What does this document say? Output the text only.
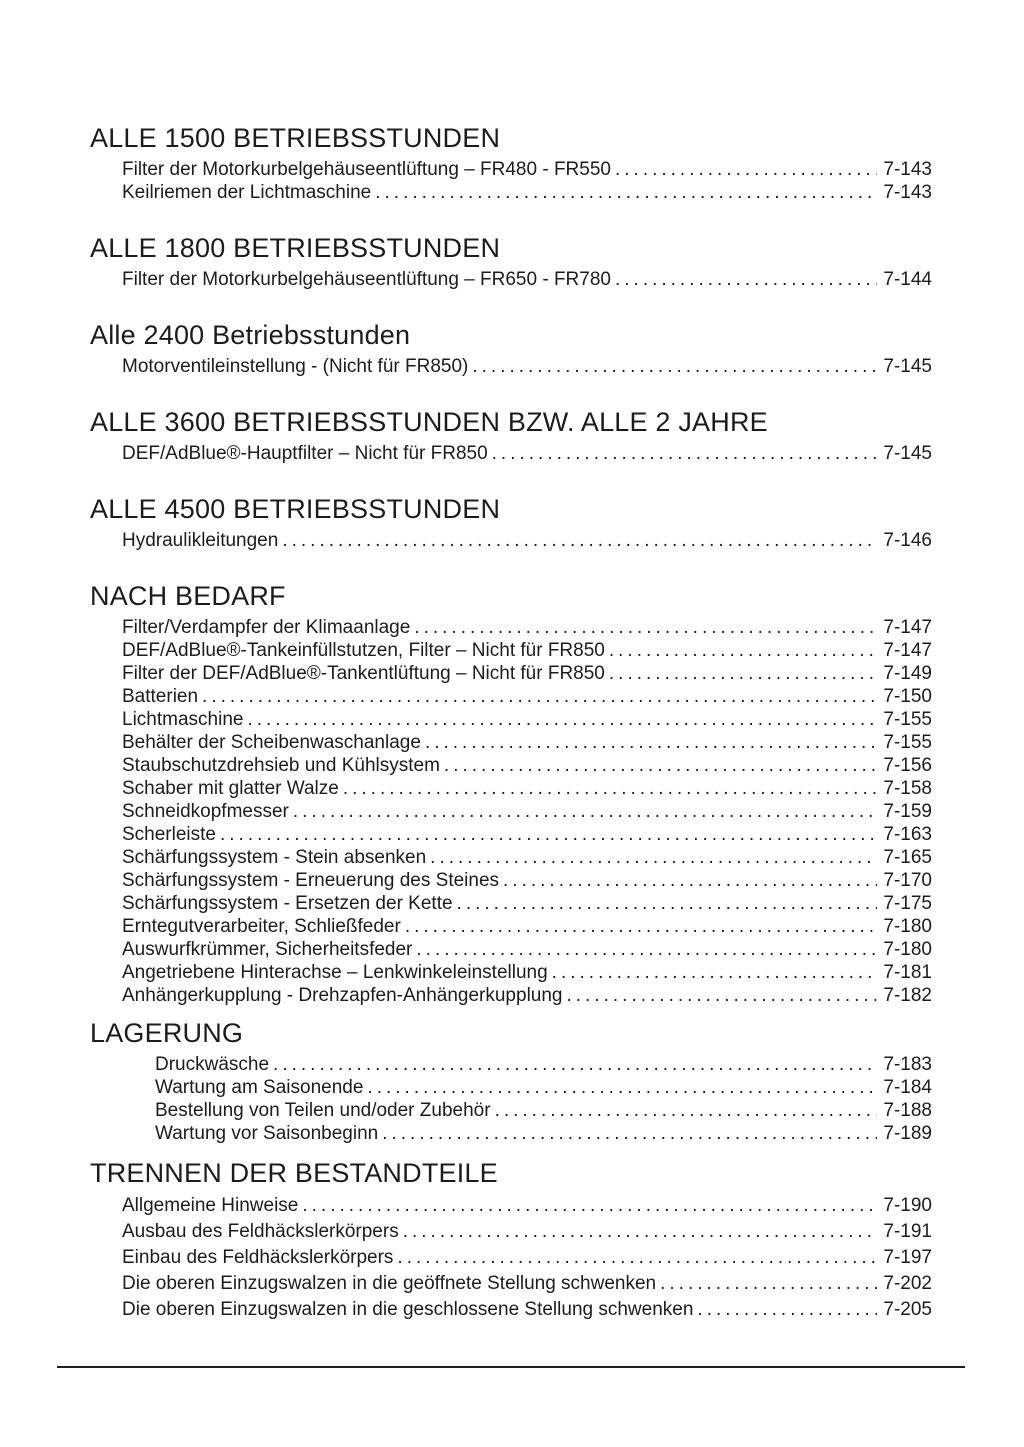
ALLE 1500 BETRIEBSSTUNDEN
Filter der Motorkurbelgehäuseentlüftung – FR480 - FR550 .....	7-143
Keilriemen der Lichtmaschine .....	7-143
ALLE 1800 BETRIEBSSTUNDEN
Filter der Motorkurbelgehäuseentlüftung – FR650 - FR780 .....	7-144
Alle 2400 Betriebsstunden
Motorventileinstellung - (Nicht für FR850) .....	7-145
ALLE 3600 BETRIEBSSTUNDEN BZW. ALLE 2 JAHRE
DEF/AdBlue®-Hauptfilter – Nicht für FR850 .....	7-145
ALLE 4500 BETRIEBSSTUNDEN
Hydraulikleitungen .....	7-146
NACH BEDARF
Filter/Verdampfer der Klimaanlage .....	7-147
DEF/AdBlue®-Tankeinfüllstutzen, Filter – Nicht für FR850 .....	7-147
Filter der DEF/AdBlue®-Tankentlüftung – Nicht für FR850 .....	7-149
Batterien .....	7-150
Lichtmaschine .....	7-155
Behälter der Scheibenwaschanlage .....	7-155
Staubschutzdrehsieb und Kühlsystem .....	7-156
Schaber mit glatter Walze .....	7-158
Schneidkopfmesser .....	7-159
Scherleiste .....	7-163
Schärfungssystem - Stein absenken .....	7-165
Schärfungssystem - Erneuerung des Steines .....	7-170
Schärfungssystem - Ersetzen der Kette .....	7-175
Erntegutverarbeiter, Schließfeder .....	7-180
Auswurfkrümmer, Sicherheitsfeder .....	7-180
Angetriebene Hinterachse – Lenkwinkeleinstellung .....	7-181
Anhängerkupplung - Drehzapfen-Anhängerkupplung .....	7-182
LAGERUNG
Druckwäsche .....	7-183
Wartung am Saisonende .....	7-184
Bestellung von Teilen und/oder Zubehör .....	7-188
Wartung vor Saisonbeginn .....	7-189
TRENNEN DER BESTANDTEILE
Allgemeine Hinweise .....	7-190
Ausbau des Feldhäckslerkörpers .....	7-191
Einbau des Feldhäckslerkörpers .....	7-197
Die oberen Einzugswalzen in die geöffnete Stellung schwenken .....	7-202
Die oberen Einzugswalzen in die geschlossene Stellung schwenken .....	7-205
